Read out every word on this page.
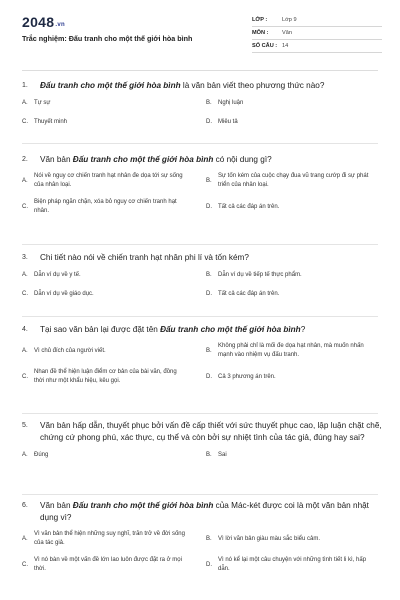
2048.vn
Trắc nghiệm: Đấu tranh cho một thế giới hòa bình
LỚP :	Lớp 9
MÔN :	Văn
SỐ CÂU : 14
1.	Đấu tranh cho một thế giới hòa bình là văn bản viết theo phương thức nào?
A.	Tự sự	B.	Nghị luận
C.	Thuyết minh	D.	Miêu tả
2.	Văn bản Đấu tranh cho một thế giới hòa bình có nội dung gì?
A.
Nói về nguy cơ chiến tranh hạt nhân đe dọa tới sự sống của nhân loại.
B.
Sự tốn kém của cuộc chạy đua vũ trang cướp đi sự phát triển của nhân loại.
C.
Biện pháp ngăn chặn, xóa bỏ nguy cơ chiến tranh hạt nhân.
D.	Tất cả các đáp án trên.
3.	Chi tiết nào nói về chiến tranh hạt nhân phi lí và tốn kém?
A.	Dẫn ví dụ về y tế.	B.	Dẫn ví dụ về tiếp tế thực phẩm.
C.	Dẫn ví dụ về giáo dục.	D.	Tất cả các đáp án trên.
4.	Tại sao văn bản lại được đặt tên Đấu tranh cho một thế giới hòa bình?
A.	Vì chủ đích của người viết.	B.
Không phải chỉ là mối đe dọa hạt nhân, mà muốn nhấn mạnh vào nhiệm vụ đấu tranh.
C.
Nhan đề thể hiện luận điểm cơ bản của bài văn, đồng thời như một khẩu hiệu, kêu gọi.
D.	Cả 3 phương án trên.
5.	Văn bản hấp dẫn, thuyết phục bởi vấn đề cấp thiết với sức thuyết phục cao, lập luận chặt chẽ, chứng cứ phong phú, xác thực, cụ thể và còn bởi sự nhiệt tình của tác giả, đúng hay sai?
A.	Đúng	B.	Sai
6.	Văn bản Đấu tranh cho một thế giới hòa bình của Mác-két được coi là một văn bản nhật dụng vì?
A.
Vì văn bản thể hiện những suy nghĩ, trăn trở về đời sống của tác giả.
B.	Vì lời văn bản giàu màu sắc biểu cảm.
C.
Vì nó bàn về một vấn đề lớn lao luôn được đặt ra ở mọi thời.
D.
Vì nó kể lại một câu chuyện với những tình tiết li kì, hấp dẫn.
